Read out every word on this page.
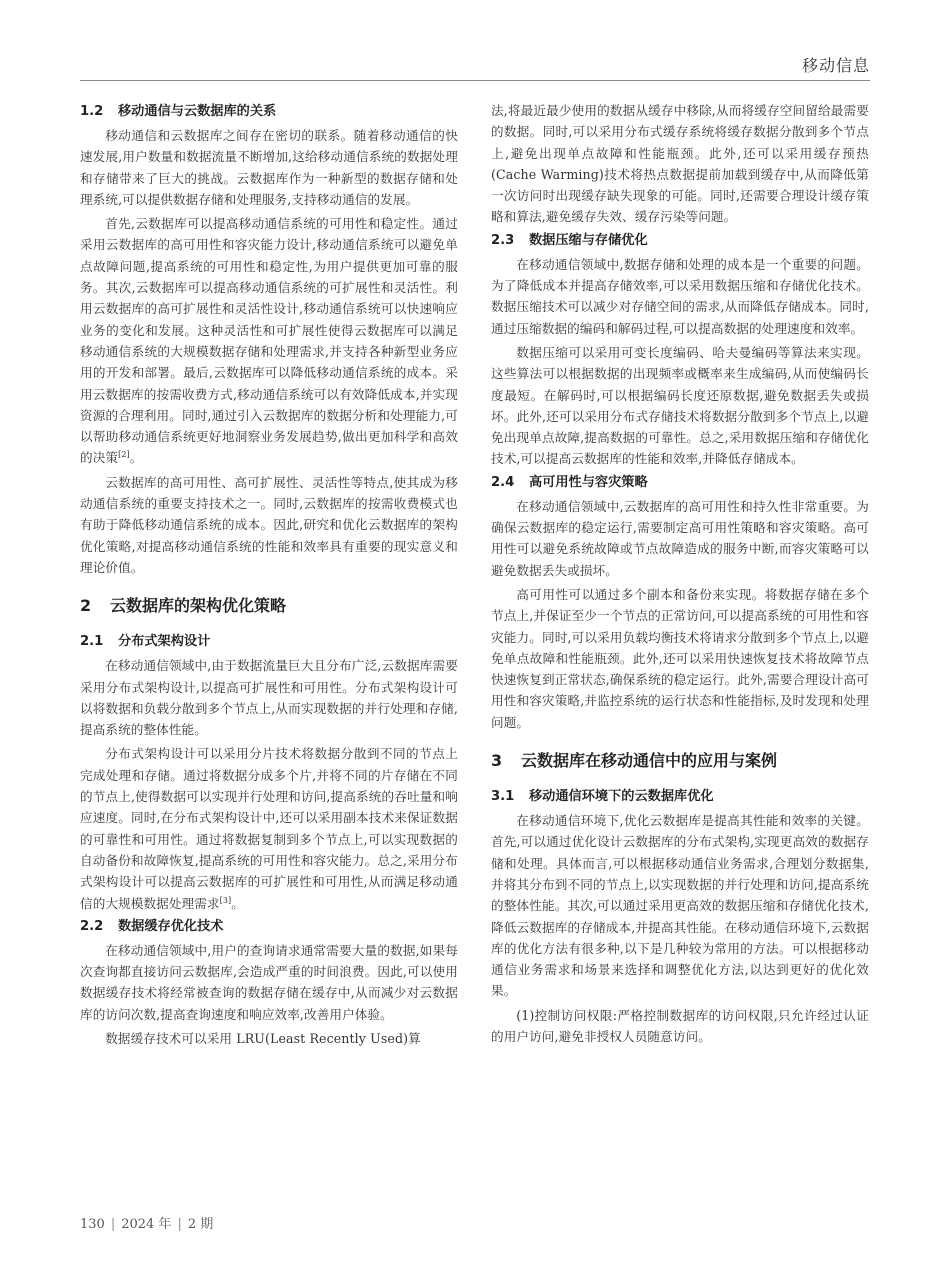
移动信息
1.2 移动通信与云数据库的关系

移动通信和云数据库之间存在密切的联系。随着移动通信的快速发展,用户数量和数据流量不断增加,这给移动通信系统的数据处理和存储带来了巨大的挑战。云数据库作为一种新型的数据存储和处理系统,可以提供数据存储和处理服务,支持移动通信的发展。

首先,云数据库可以提高移动通信系统的可用性和稳定性。通过采用云数据库的高可用性和容灾能力设计,移动通信系统可以避免单点故障问题,提高系统的可用性和稳定性,为用户提供更加可靠的服务。其次,云数据库可以提高移动通信系统的可扩展性和灵活性。利用云数据库的高可扩展性和灵活性设计,移动通信系统可以快速响应业务的变化和发展。这种灵活性和可扩展性使得云数据库可以满足移动通信系统的大规模数据存储和处理需求,并支持各种新型业务应用的开发和部署。最后,云数据库可以降低移动通信系统的成本。采用云数据库的按需收费方式,移动通信系统可以有效降低成本,并实现资源的合理利用。同时,通过引入云数据库的数据分析和处理能力,可以帮助移动通信系统更好地洞察业务发展趋势,做出更加科学和高效的决策[2]。

云数据库的高可用性、高可扩展性、灵活性等特点,使其成为移动通信系统的重要支持技术之一。同时,云数据库的按需收费模式也有助于降低移动通信系统的成本。因此,研究和优化云数据库的架构优化策略,对提高移动通信系统的性能和效率具有重要的现实意义和理论价值。

2 云数据库的架构优化策略
2.1 分布式架构设计

在移动通信领域中,由于数据流量巨大且分布广泛,云数据库需要采用分布式架构设计,以提高可扩展性和可用性。分布式架构设计可以将数据和负载分散到多个节点上,从而实现数据的并行处理和存储,提高系统的整体性能。

分布式架构设计可以采用分片技术将数据分散到不同的节点上完成处理和存储。通过将数据分成多个片,并将不同的片存储在不同的节点上,使得数据可以实现并行处理和访问,提高系统的吞吐量和响应速度。同时,在分布式架构设计中,还可以采用副本技术来保证数据的可靠性和可用性。通过将数据复制到多个节点上,可以实现数据的自动备份和故障恢复,提高系统的可用性和容灾能力。总之,采用分布式架构设计可以提高云数据库的可扩展性和可用性,从而满足移动通信的大规模数据处理需求[3]。

2.2 数据缓存优化技术

在移动通信领域中,用户的查询请求通常需要大量的数据,如果每次查询都直接访问云数据库,会造成严重的时间浪费。因此,可以使用数据缓存技术将经常被查询的数据存储在缓存中,从而减少对云数据库的访问次数,提高查询速度和响应效率,改善用户体验。

数据缓存技术可以采用 LRU(Least Recently Used)算

法,将最近最少使用的数据从缓存中移除,从而将缓存空间留给最需要的数据。同时,可以采用分布式缓存系统将缓存数据分散到多个节点上,避免出现单点故障和性能瓶颈。此外,还可以采用缓存预热(Cache Warming)技术将热点数据提前加载到缓存中,从而降低第一次访问时出现缓存缺失现象的可能。同时,还需要合理设计缓存策略和算法,避免缓存失效、缓存污染等问题。

2.3 数据压缩与存储优化

在移动通信领域中,数据存储和处理的成本是一个重要的问题。为了降低成本并提高存储效率,可以采用数据压缩和存储优化技术。数据压缩技术可以减少对存储空间的需求,从而降低存储成本。同时,通过压缩数据的编码和解码过程,可以提高数据的处理速度和效率。

数据压缩可以采用可变长度编码、哈夫曼编码等算法来实现。这些算法可以根据数据的出现频率或概率来生成编码,从而使编码长度最短。在解码时,可以根据编码长度还原数据,避免数据丢失或损坏。此外,还可以采用分布式存储技术将数据分散到多个节点上,以避免出现单点故障,提高数据的可靠性。总之,采用数据压缩和存储优化技术,可以提高云数据库的性能和效率,并降低存储成本。

2.4 高可用性与容灾策略

在移动通信领域中,云数据库的高可用性和持久性非常重要。为确保云数据库的稳定运行,需要制定高可用性策略和容灾策略。高可用性可以避免系统故障或节点故障造成的服务中断,而容灾策略可以避免数据丢失或损坏。

高可用性可以通过多个副本和备份来实现。将数据存储在多个节点上,并保证至少一个节点的正常访问,可以提高系统的可用性和容灾能力。同时,可以采用负载均衡技术将请求分散到多个节点上,以避免单点故障和性能瓶颈。此外,还可以采用快速恢复技术将故障节点快速恢复到正常状态,确保系统的稳定运行。此外,需要合理设计高可用性和容灾策略,并监控系统的运行状态和性能指标,及时发现和处理问题。

3 云数据库在移动通信中的应用与案例
3.1 移动通信环境下的云数据库优化

在移动通信环境下,优化云数据库是提高其性能和效率的关键。首先,可以通过优化设计云数据库的分布式架构,实现更高效的数据存储和处理。具体而言,可以根据移动通信业务需求,合理划分数据集,并将其分布到不同的节点上,以实现数据的并行处理和访问,提高系统的整体性能。其次,可以通过采用更高效的数据压缩和存储优化技术,降低云数据库的存储成本,并提高其性能。在移动通信环境下,云数据库的优化方法有很多种,以下是几种较为常用的方法。可以根据移动通信业务需求和场景来选择和调整优化方法,以达到更好的优化效果。

(1)控制访问权限:严格控制数据库的访问权限,只允许经过认证的用户访问,避免非授权人员随意访问。

130 | 2024 年 | 2 期
